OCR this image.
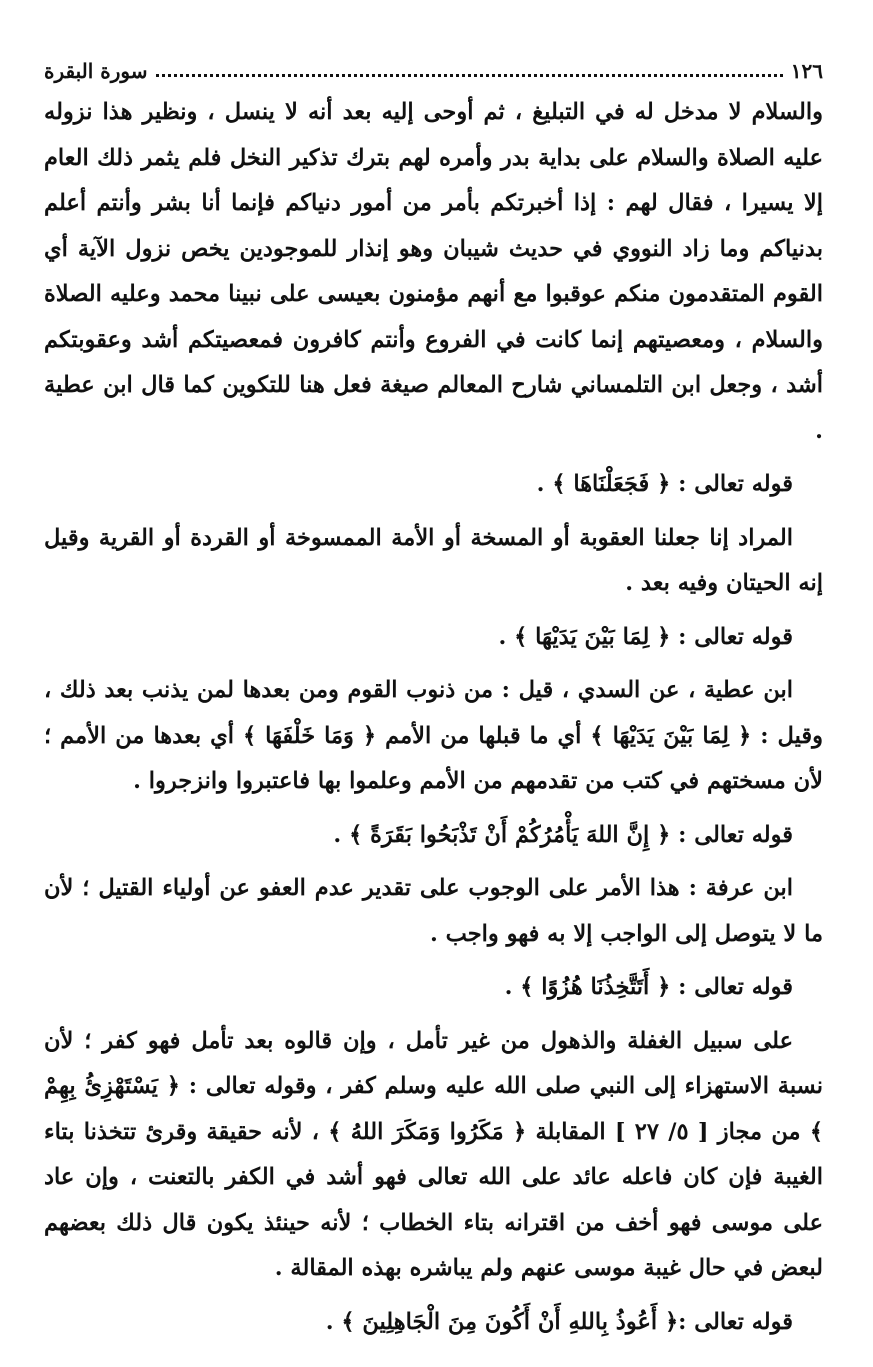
١٢٦
سورة البقرة

والسلام لا مدخل له في التبليغ ، ثم أوحى إليه بعد أنه لا ينسل ، ونظير هذا نزوله عليه الصلاة والسلام على بداية بدر وأمره لهم بترك تذكير النخل فلم يثمر ذلك العام إلا يسيرا ، فقال لهم : إذا أخبرتكم بأمر من أمور دنياكم فإنما أنا بشر وأنتم أعلم بدنياكم وما زاد النووي في حديث شيبان وهو إنذار للموجودين يخص نزول الآية أي القوم المتقدمون منكم عوقبوا مع أنهم مؤمنون بعيسى على نبينا محمد وعليه الصلاة والسلام ، ومعصيتهم إنما كانت في الفروع وأنتم كافرون فمعصيتكم أشد وعقوبتكم أشد ، وجعل ابن التلمساني شارح المعالم صيغة فعل هنا للتكوين كما قال ابن عطية .

قوله تعالى : ﴿ فَجَعَلْنَاهَا ﴾ .

المراد إنا جعلنا العقوبة أو المسخة أو الأمة الممسوخة أو القردة أو القرية وقيل إنه الحيتان وفيه بعد .

قوله تعالى : ﴿ لِمَا بَيْنَ يَدَيْهَا ﴾ .

ابن عطية ، عن السدي ، قيل : من ذنوب القوم ومن بعدها لمن يذنب بعد ذلك ، وقيل : ﴿ لِمَا بَيْنَ يَدَيْهَا ﴾ أي ما قبلها من الأمم ﴿ وَمَا خَلْفَهَا ﴾ أي بعدها من الأمم ؛ لأن مسختهم في كتب من تقدمهم من الأمم وعلموا بها فاعتبروا وانزجروا .

قوله تعالى : ﴿ إِنَّ اللهَ يَأْمُرُكُمْ أَنْ تَذْبَحُوا بَقَرَةً ﴾ .

ابن عرفة : هذا الأمر على الوجوب على تقدير عدم العفو عن أولياء القتيل ؛ لأن ما لا يتوصل إلى الواجب إلا به فهو واجب .

قوله تعالى : ﴿ أَتَتَّخِذُنَا هُزُوًا ﴾ .

على سبيل الغفلة والذهول من غير تأمل ، وإن قالوه بعد تأمل فهو كفر ؛ لأن نسبة الاستهزاء إلى النبي صلى الله عليه وسلم كفر ، وقوله تعالى : ﴿ يَسْتَهْزِئُ بِهِمْ ﴾ من مجاز [ ٥/ ٢٧ ] المقابلة ﴿ مَكَرُوا وَمَكَرَ اللهُ ﴾ ، لأنه حقيقة وقرئ تتخذنا بتاء الغيبة فإن كان فاعله عائد على الله تعالى فهو أشد في الكفر بالتعنت ، وإن عاد على موسى فهو أخف من اقترانه بتاء الخطاب ؛ لأنه حينئذ يكون قال ذلك بعضهم لبعض في حال غيبة موسى عنهم ولم يباشره بهذه المقالة .

قوله تعالى :﴿ أَعُوذُ بِاللهِ أَنْ أَكُونَ مِنَ الْجَاهِلِينَ ﴾ .
